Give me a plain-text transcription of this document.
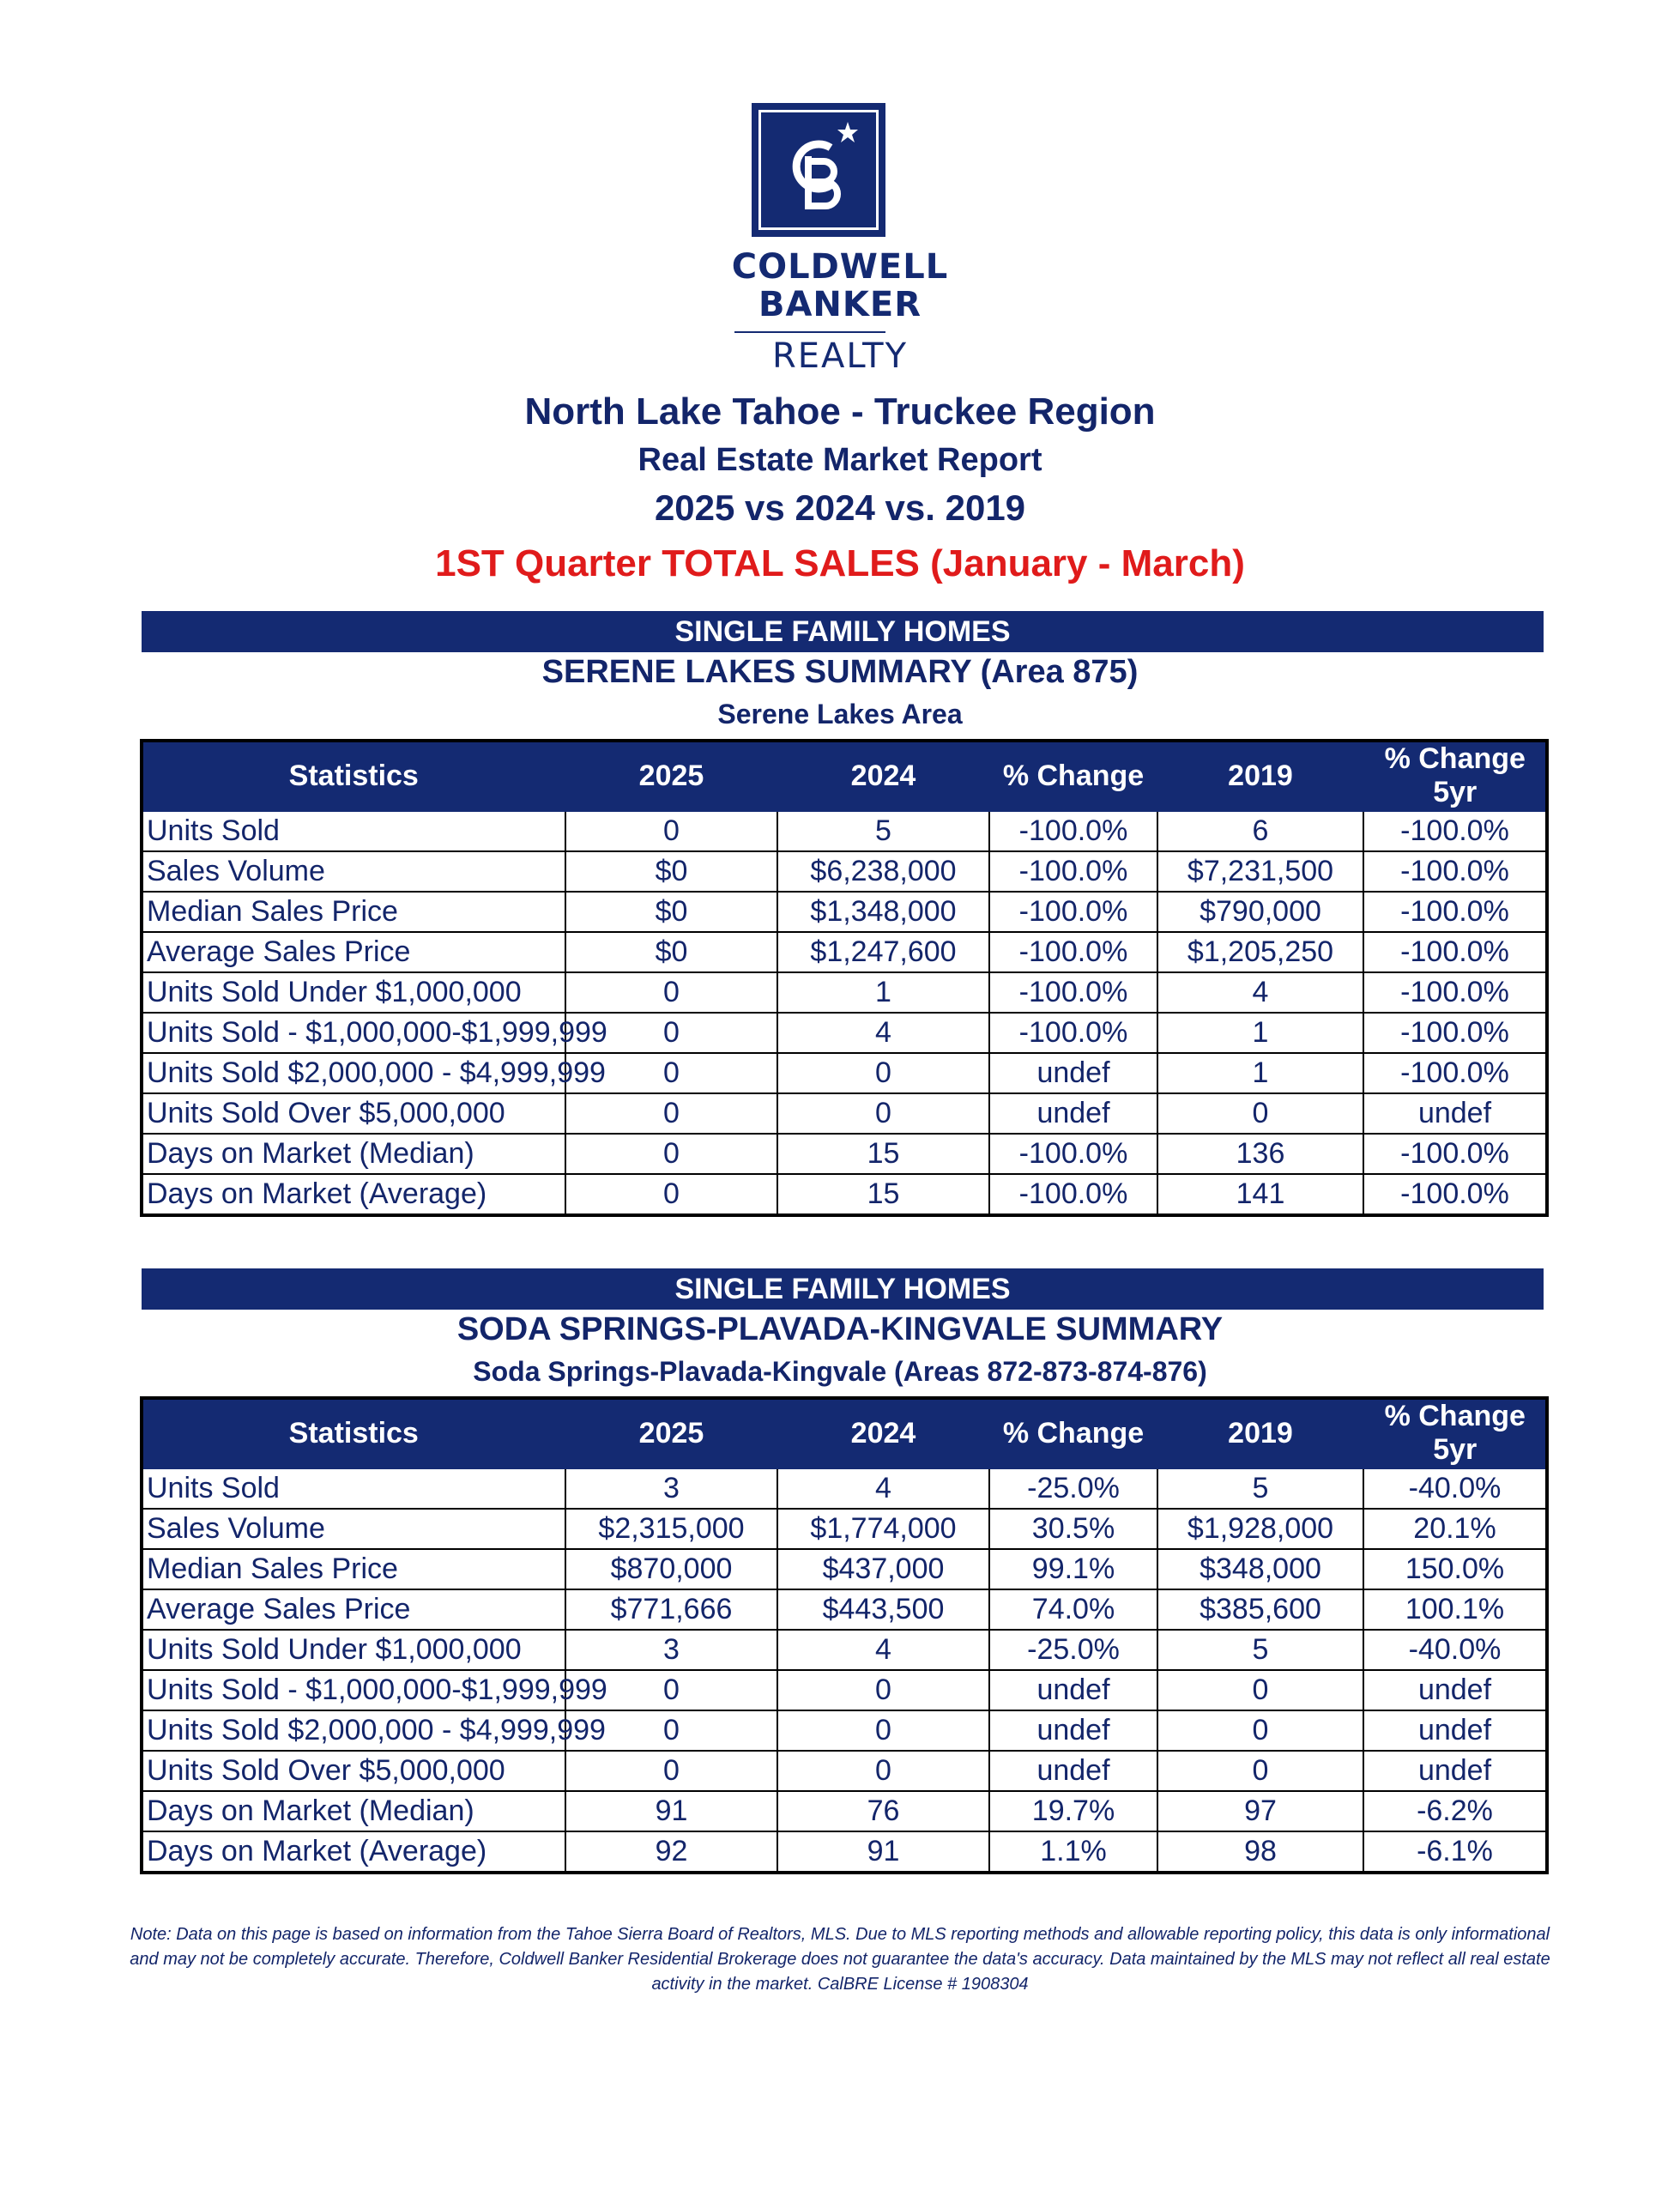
COLDWELL
BANKER
REALTY
North Lake Tahoe - Truckee Region
Real Estate Market Report
2025 vs 2024 vs. 2019
1ST Quarter TOTAL SALES (January - March)
SINGLE FAMILY HOMES
SERENE LAKES SUMMARY (Area 875)
Serene Lakes Area
Statistics	2025	2024	% Change	2019	% Change 5yr
Units Sold	0	5	-100.0%	6	-100.0%
Sales Volume	$0	$6,238,000	-100.0%	$7,231,500	-100.0%
Median Sales Price	$0	$1,348,000	-100.0%	$790,000	-100.0%
Average Sales Price	$0	$1,247,600	-100.0%	$1,205,250	-100.0%
Units Sold Under $1,000,000	0	1	-100.0%	4	-100.0%
Units Sold - $1,000,000-$1,999,999	0	4	-100.0%	1	-100.0%
Units Sold $2,000,000 - $4,999,999	0	0	undef	1	-100.0%
Units Sold Over $5,000,000	0	0	undef	0	undef
Days on Market (Median)	0	15	-100.0%	136	-100.0%
Days on Market (Average)	0	15	-100.0%	141	-100.0%
SINGLE FAMILY HOMES
SODA SPRINGS-PLAVADA-KINGVALE SUMMARY
Soda Springs-Plavada-Kingvale (Areas 872-873-874-876)
Statistics	2025	2024	% Change	2019	% Change 5yr
Units Sold	3	4	-25.0%	5	-40.0%
Sales Volume	$2,315,000	$1,774,000	30.5%	$1,928,000	20.1%
Median Sales Price	$870,000	$437,000	99.1%	$348,000	150.0%
Average Sales Price	$771,666	$443,500	74.0%	$385,600	100.1%
Units Sold Under $1,000,000	3	4	-25.0%	5	-40.0%
Units Sold - $1,000,000-$1,999,999	0	0	undef	0	undef
Units Sold $2,000,000 - $4,999,999	0	0	undef	0	undef
Units Sold Over $5,000,000	0	0	undef	0	undef
Days on Market (Median)	91	76	19.7%	97	-6.2%
Days on Market (Average)	92	91	1.1%	98	-6.1%
Note: Data on this page is based on information from the Tahoe Sierra Board of Realtors, MLS. Due to MLS reporting methods and allowable reporting policy, this data is only informational
and may not be completely accurate. Therefore, Coldwell Banker Residential Brokerage does not guarantee the data's accuracy. Data maintained by the MLS may not reflect all real estate
activity in the market. CalBRE License # 1908304
